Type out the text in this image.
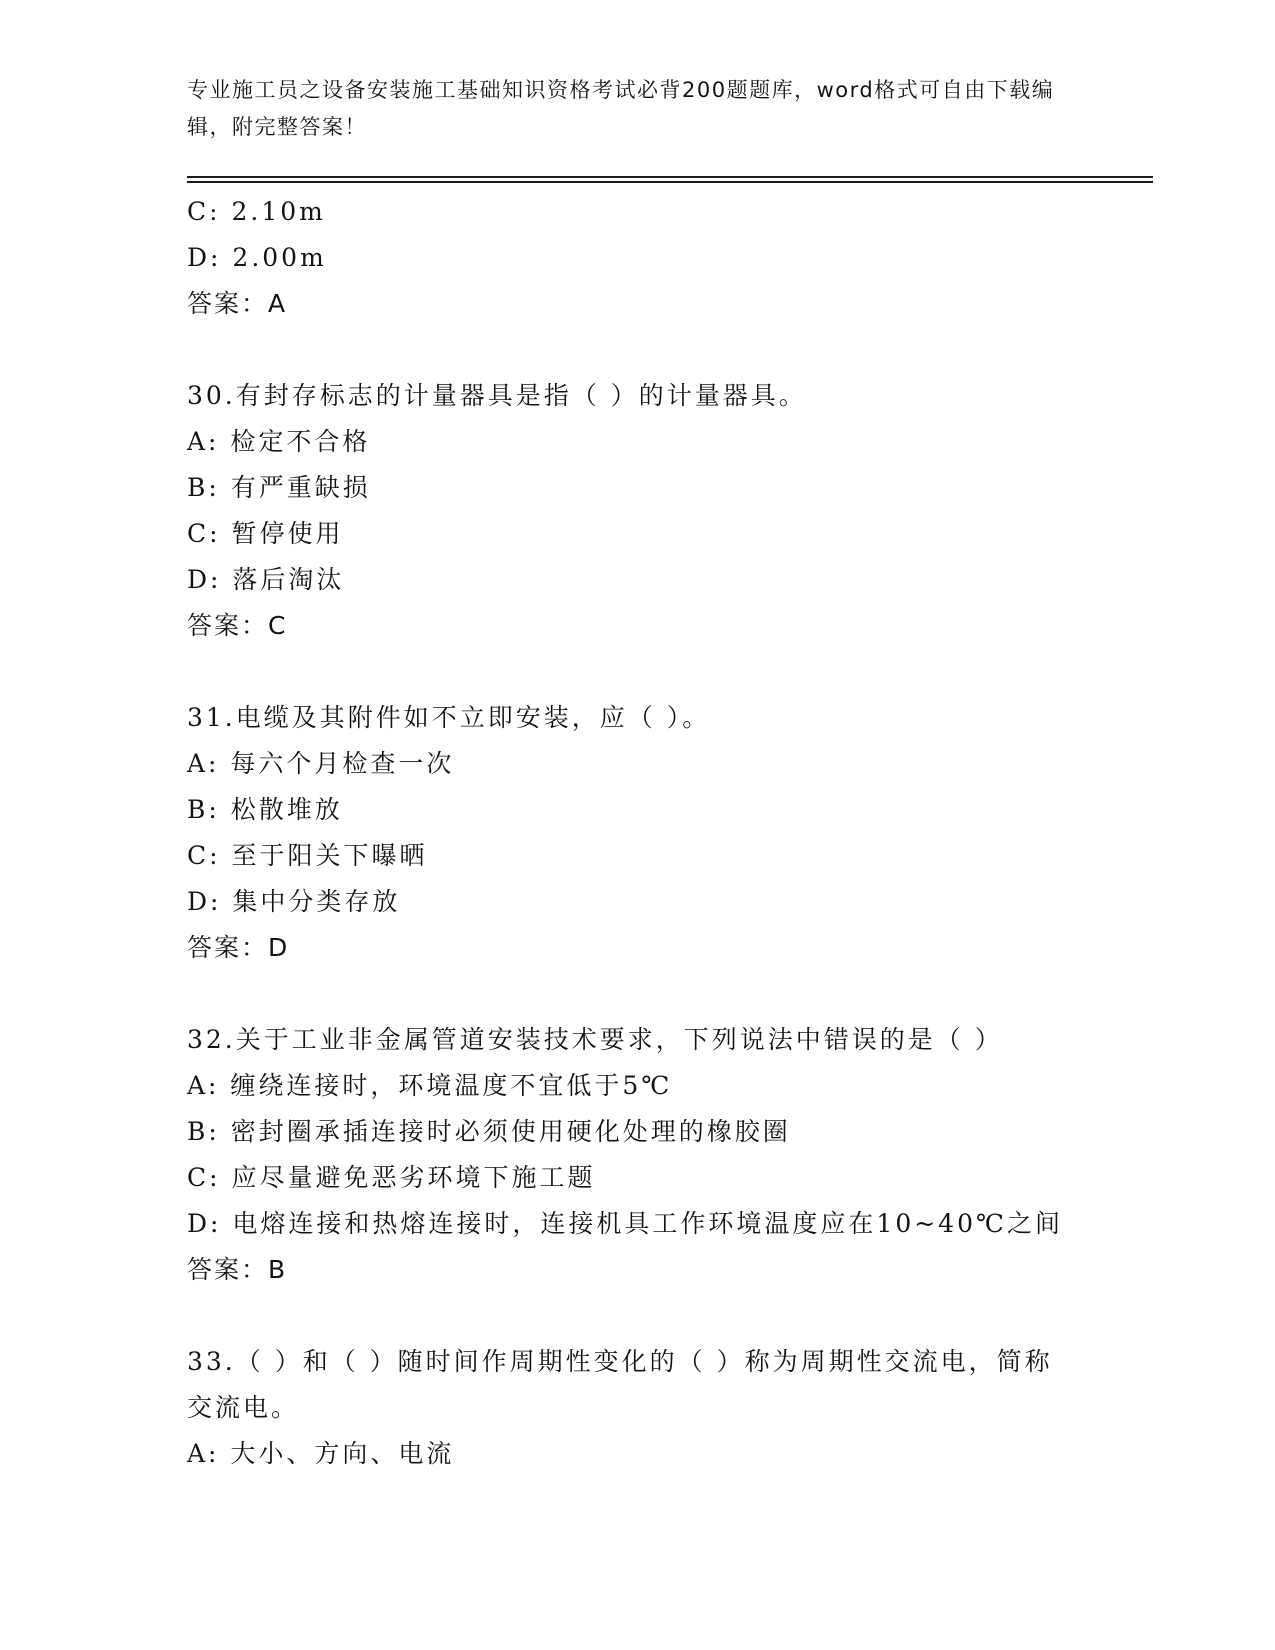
专业施工员之设备安装施工基础知识资格考试必背200题题库，word格式可自由下载编辑，附完整答案！
C: 2.10m
D: 2.00m
答案：A
30.有封存标志的计量器具是指（ ）的计量器具。
A: 检定不合格
B: 有严重缺损
C: 暂停使用
D: 落后淘汰
答案：C
31.电缆及其附件如不立即安装，应（ ）。
A: 每六个月检查一次
B: 松散堆放
C: 至于阳关下曝晒
D: 集中分类存放
答案：D
32.关于工业非金属管道安装技术要求，下列说法中错误的是（ ）
A: 缠绕连接时，环境温度不宜低于5℃
B: 密封圈承插连接时必须使用硬化处理的橡胶圈
C: 应尽量避免恶劣环境下施工题
D: 电熔连接和热熔连接时，连接机具工作环境温度应在10~40℃之间
答案：B
33.（ ）和（ ）随时间作周期性变化的（ ）称为周期性交流电，简称交流电。
A: 大小、方向、电流
